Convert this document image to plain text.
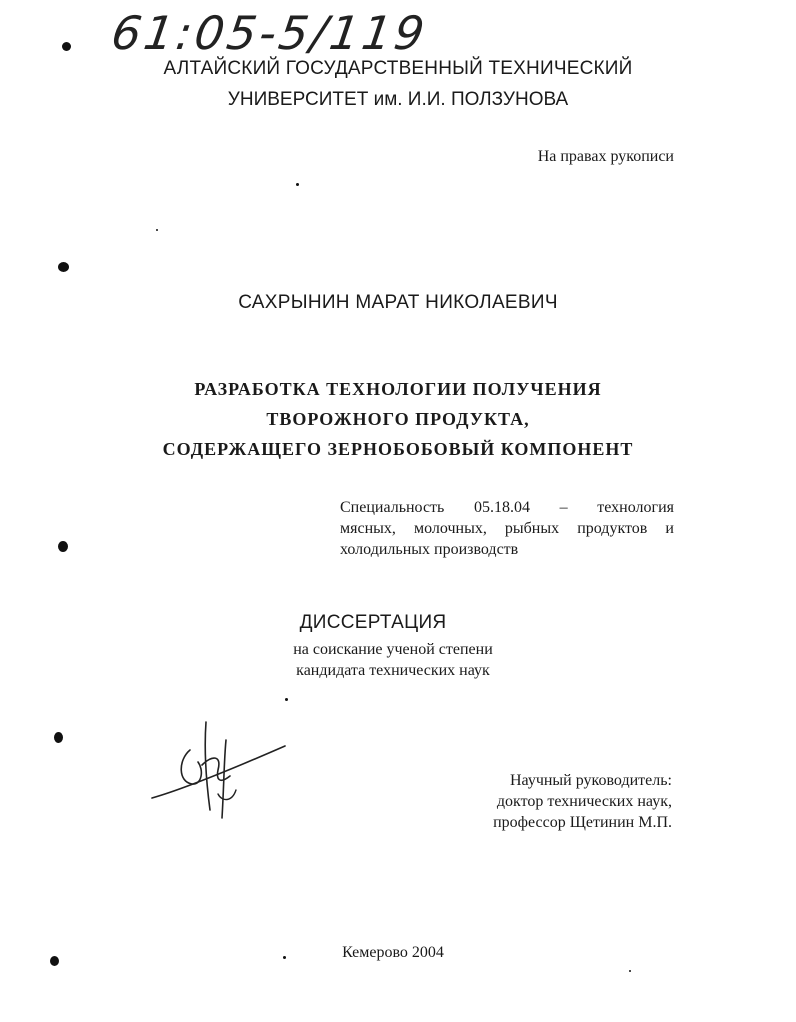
61:05-5/119
АЛТАЙСКИЙ ГОСУДАРСТВЕННЫЙ ТЕХНИЧЕСКИЙ
УНИВЕРСИТЕТ им. И.И. ПОЛЗУНОВА
На правах рукописи
САХРЫНИН МАРАТ НИКОЛАЕВИЧ
РАЗРАБОТКА ТЕХНОЛОГИИ ПОЛУЧЕНИЯ
ТВОРОЖНОГО ПРОДУКТА,
СОДЕРЖАЩЕГО ЗЕРНОБОБОВЫЙ КОМПОНЕНТ
Специальность 05.18.04 – технология
мясных, молочных, рыбных продуктов и
холодильных производств
ДИССЕРТАЦИЯ
на соискание ученой степени
кандидата технических наук
Научный руководитель:
доктор технических наук,
профессор Щетинин М.П.
Кемерово 2004
